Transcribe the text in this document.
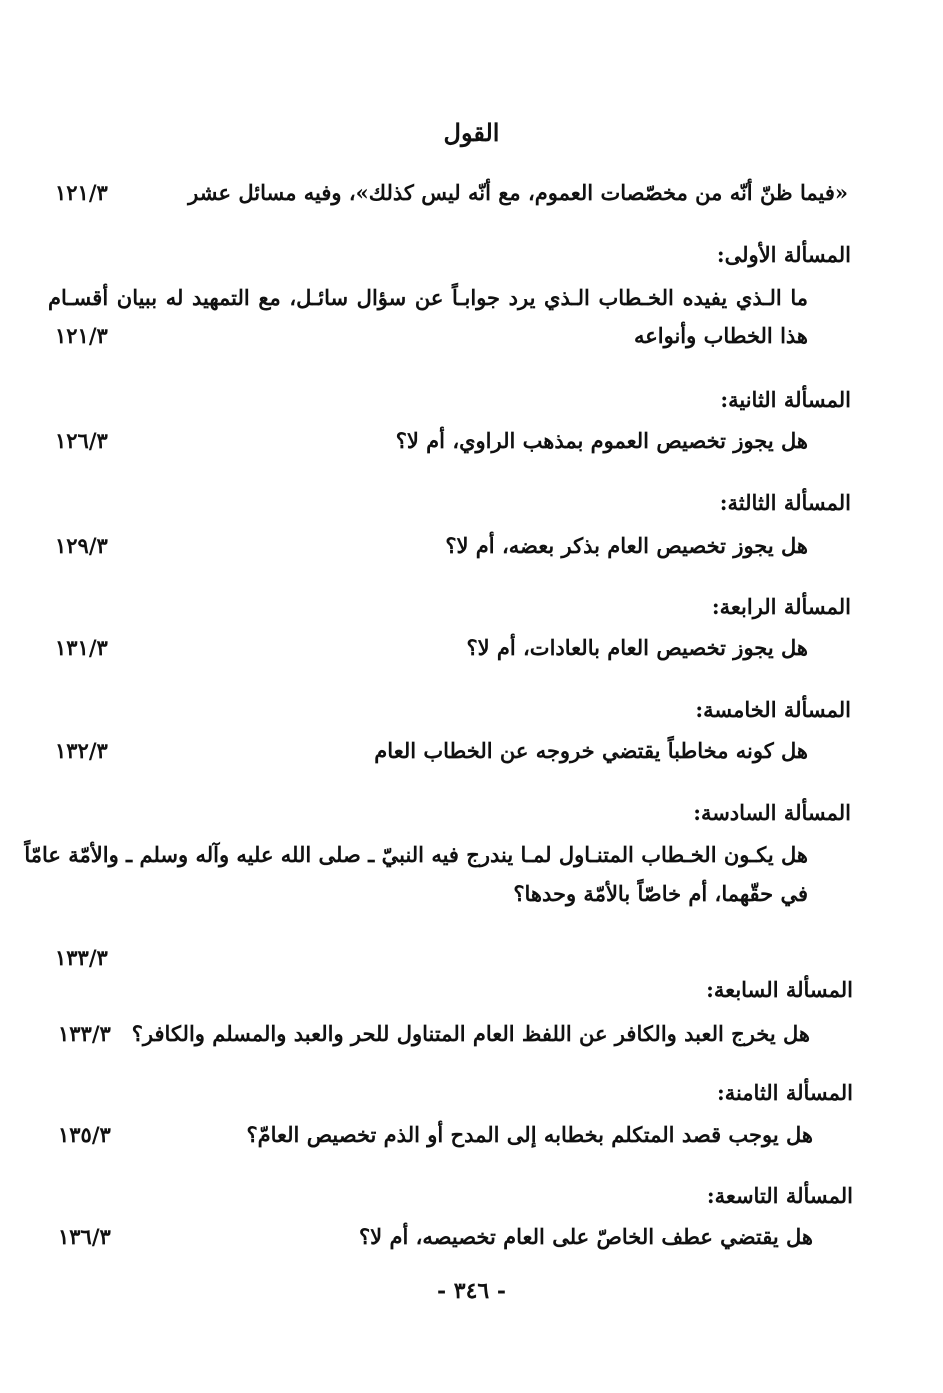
القول
«فيما ظنّ أنّه من مخصّصات العموم، مع أنّه ليس كذلك»، وفيه مسائل عشر
١٢١/٣
المسألة الأولى:
ما الـذي يفيده الخـطاب الـذي يرد جوابـاً عن سؤال سائـل، مع التمهيد له ببيان أقسـام
هذا الخطاب وأنواعه
١٢١/٣
المسألة الثانية:
هل يجوز تخصيص العموم بمذهب الراوي، أم لا؟
١٢٦/٣
المسألة الثالثة:
هل يجوز تخصيص العام بذكر بعضه، أم لا؟
١٢٩/٣
المسألة الرابعة:
هل يجوز تخصيص العام بالعادات، أم لا؟
١٣١/٣
المسألة الخامسة:
هل كونه مخاطباً يقتضي خروجه عن الخطاب العام
١٣٢/٣
المسألة السادسة:
هل يكـون الخـطاب المتنـاول لمـا يندرج فيه النبيّ ـ صلى الله عليه وآله وسلم ـ والأمّة عامّاً
في حقّهما، أم خاصّاً بالأمّة وحدها؟
١٣٣/٣
المسألة السابعة:
هل يخرج العبد والكافر عن اللفظ العام المتناول للحر والعبد والمسلم والكافر؟
١٣٣/٣
المسألة الثامنة:
هل يوجب قصد المتكلم بخطابه إلى المدح أو الذم تخصيص العامّ؟
١٣٥/٣
المسألة التاسعة:
هل يقتضي عطف الخاصّ على العام تخصيصه، أم لا؟
١٣٦/٣
- ٣٤٦ -
